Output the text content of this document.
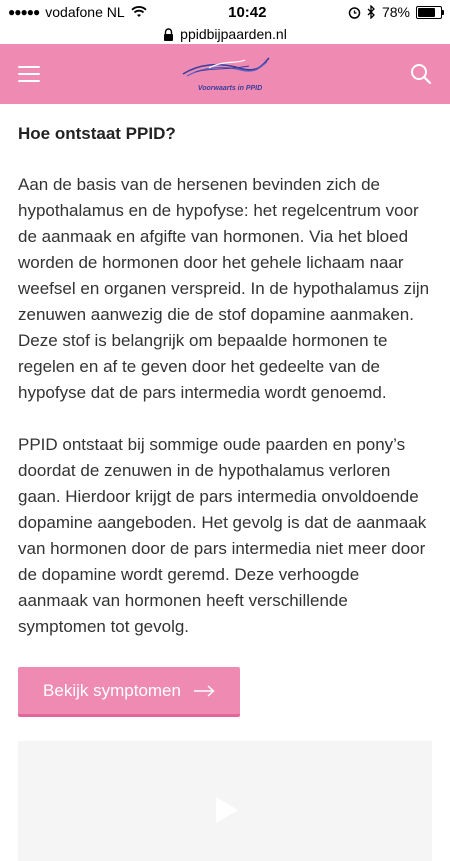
●●●●● vodafone NL	10:42	78%
ppidbijpaarden.nl
Voorwaarts in PPID
Hoe ontstaat PPID?

Aan de basis van de hersenen bevinden zich de hypothalamus en de hypofyse: het regelcentrum voor de aanmaak en afgifte van hormonen. Via het bloed worden de hormonen door het gehele lichaam naar weefsel en organen verspreid. In de hypothalamus zijn zenuwen aanwezig die de stof dopamine aanmaken. Deze stof is belangrijk om bepaalde hormonen te regelen en af te geven door het gedeelte van de hypofyse dat de pars intermedia wordt genoemd.

PPID ontstaat bij sommige oude paarden en pony’s doordat de zenuwen in de hypothalamus verloren gaan. Hierdoor krijgt de pars intermedia onvoldoende dopamine aangeboden. Het gevolg is dat de aanmaak van hormonen door de pars intermedia niet meer door de dopamine wordt geremd. Deze verhoogde aanmaak van hormonen heeft verschillende symptomen tot gevolg.

Bekijk symptomen
